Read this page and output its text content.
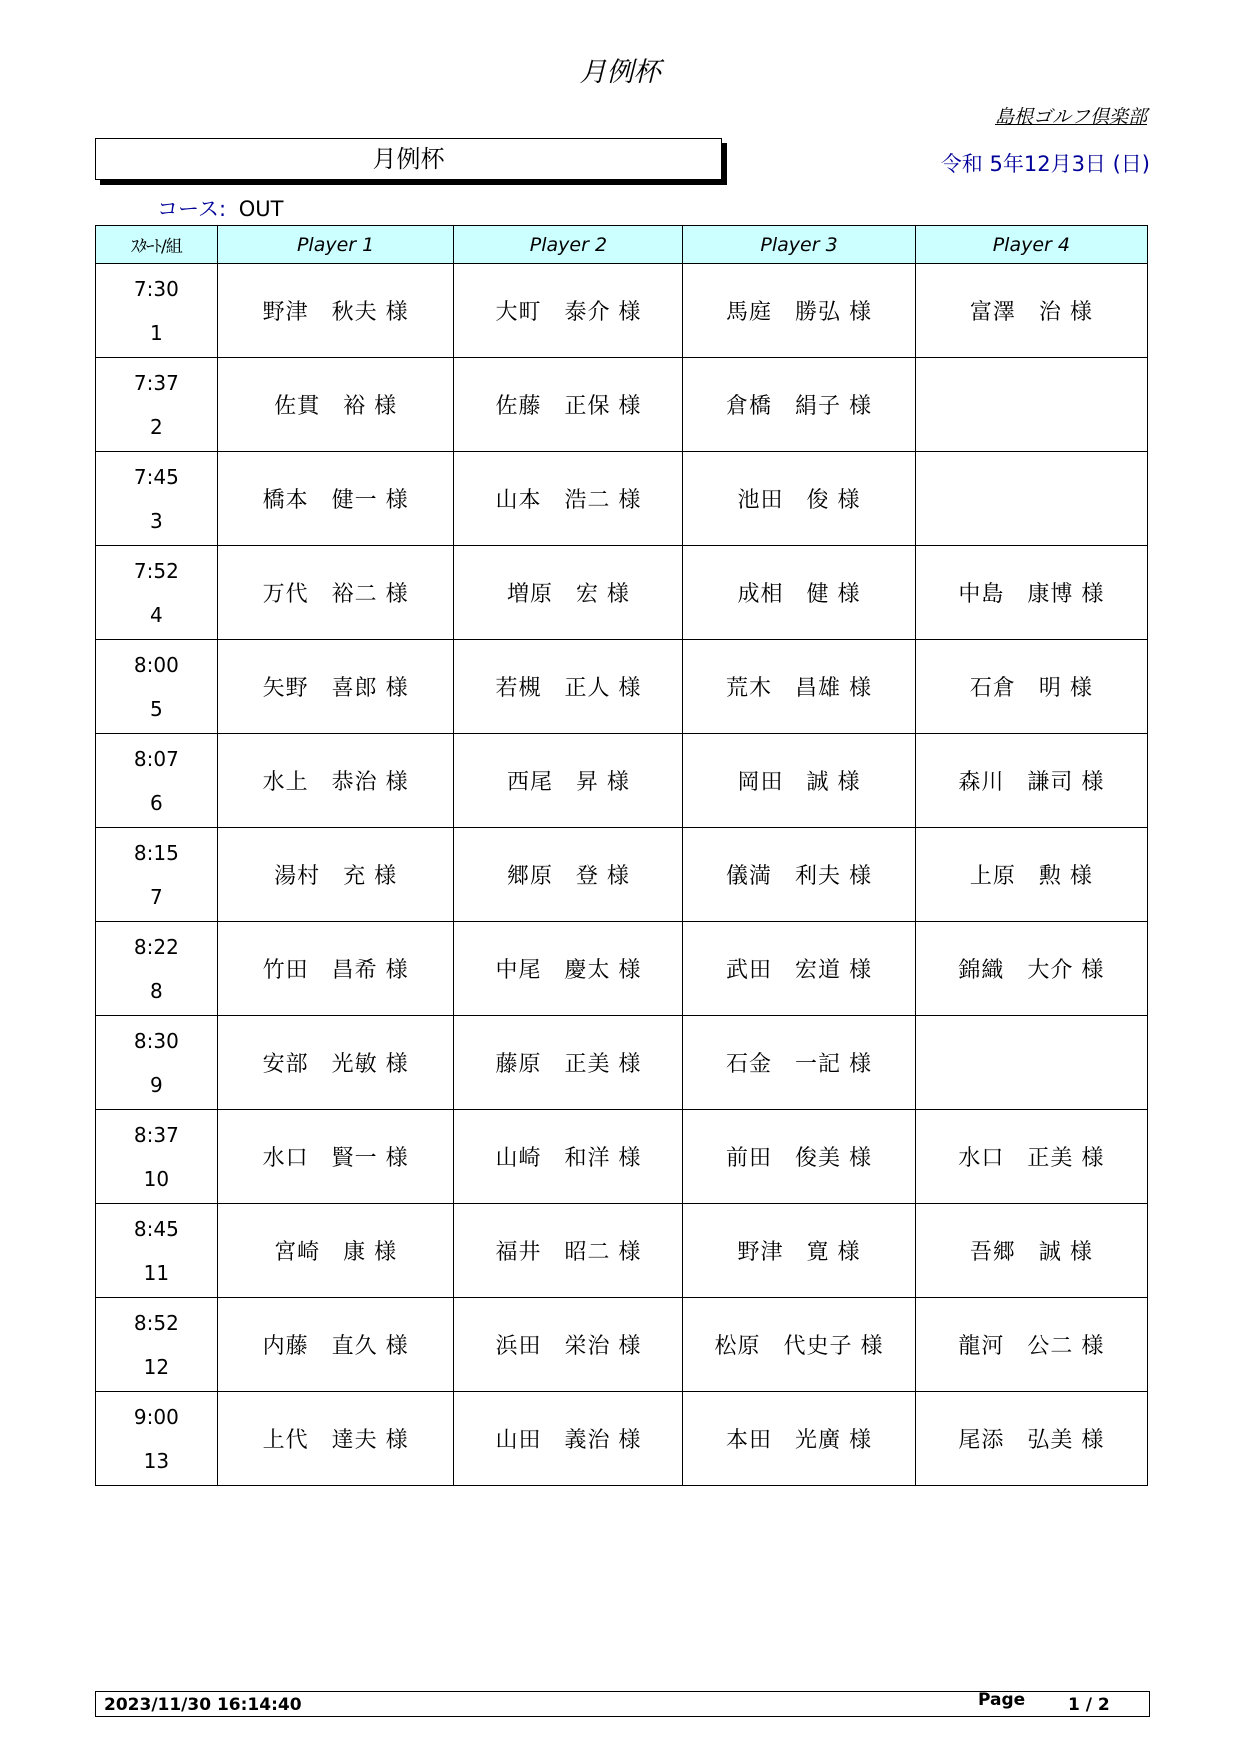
月例杯
島根ゴルフ倶楽部
月例杯	令和 5年12月3日 (日)
コース: OUT
ｽﾀｰﾄ/組	Player 1	Player 2	Player 3	Player 4

7:30
1	野津　秋夫 様	大町　泰介 様	馬庭　勝弘 様	富澤　治 様

7:37
2	佐貫　裕 様	佐藤　正保 様	倉橋　絹子 様	

7:45
3	橋本　健一 様	山本　浩二 様	池田　俊 様	

7:52
4	万代　裕二 様	増原　宏 様	成相　健 様	中島　康博 様

8:00
5	矢野　喜郎 様	若槻　正人 様	荒木　昌雄 様	石倉　明 様

8:07
6	水上　恭治 様	西尾　昇 様	岡田　誠 様	森川　謙司 様

8:15
7	湯村　充 様	郷原　登 様	儀満　利夫 様	上原　勲 様

8:22
8	竹田　昌希 様	中尾　慶太 様	武田　宏道 様	錦織　大介 様

8:30
9	安部　光敏 様	藤原　正美 様	石金　一記 様	

8:37
10	水口　賢一 様	山崎　和洋 様	前田　俊美 様	水口　正美 様

8:45
11	宮崎　康 様	福井　昭二 様	野津　寛 様	吾郷　誠 様

8:52
12	内藤　直久 様	浜田　栄治 様	松原　代史子 様	龍河　公二 様

9:00
13	上代　達夫 様	山田　義治 様	本田　光廣 様	尾添　弘美 様
2023/11/30 16:14:40	Page	1 / 2
